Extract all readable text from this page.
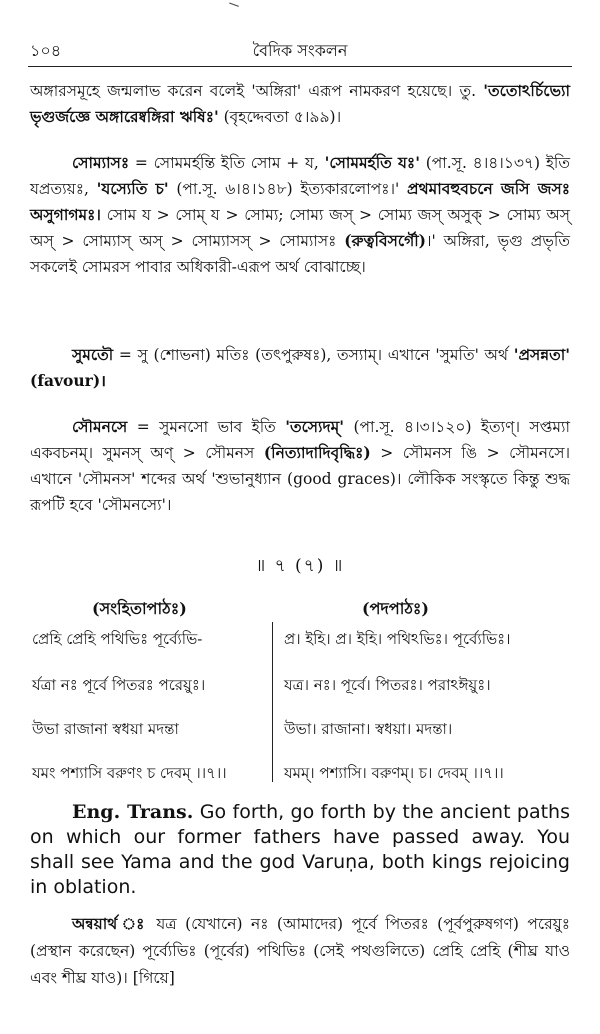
১০৪	বৈদিক সংকলন

অঙ্গারসমূহে জন্মলাভ করেন বলেই 'অঙ্গিরা' এরূপ নামকরণ হয়েছে। তু. 'ততোঽর্চিভ্যো ভৃগুর্জজ্ঞে অঙ্গারেষ্বঙ্গিরা ঋষিঃ' (বৃহদ্দেবতা ৫।৯৯)।

সোম্যাসঃ = সোমমর্হন্তি ইতি সোম + য, 'সোমমর্হতি যঃ' (পা.সূ. ৪।৪।১৩৭) ইতি যপ্রত্যয়ঃ, 'যস্যেতি চ' (পা.সূ. ৬।৪।১৪৮) ইত্যকারলোপঃ।' প্রথমাবহুবচনে জসি জসঃ অসুগাগমঃ। সোম য > সোম্ য > সোম্য; সোম্য জস্ > সোম্য জস্ অসুক্ > সোম্য অস্ অস্ > সোম্যাস্ অস্ > সোম্যাসস্ > সোম্যাসঃ (রুত্ববিসর্গৌ)।' অঙ্গিরা, ভৃগু প্রভৃতি সকলেই সোমরস পাবার অধিকারী-এরূপ অর্থ বোঝাচ্ছে।

সুমতৌ = সু (শোভনা) মতিঃ (তৎপুরুষঃ), তস্যাম্। এখানে 'সুমতি' অর্থ 'প্রসন্নতা' (favour)।

সৌমনসে = সুমনসো ভাব ইতি 'তস্যেদম্' (পা.সূ. ৪।৩।১২০) ইত্যণ্। সপ্তম্যা একবচনম্। সুমনস্ অণ্ > সৌমনস (নিত্যাদাদিবৃদ্ধিঃ) > সৌমনস ঙি > সৌমনসে। এখানে 'সৌমনস' শব্দের অর্থ 'শুভানুধ্যান (good graces)। লৌকিক সংস্কৃতে কিন্তু শুদ্ধ রূপটি হবে 'সৌমনস্যে'।

॥ ৭ (৭) ॥
(সংহিতাপাঠঃ)	(পদপাঠঃ)
প্রেহি প্রেহি পথিভিঃ পূর্ব্যেভি-
র্যত্রা নঃ পূর্বে পিতরঃ পরেয়ুঃ।
উভা রাজানা স্বধয়া মদন্তা
যমং পশ্যাসি বরুণং চ দেবম্ ।।৭।।
প্র। ইহি। প্র। ইহি। পথিঽভিঃ। পূর্ব্যেভিঃ।
যত্র। নঃ। পূর্বে। পিতরঃ। পরাঽঈয়ুঃ।
উভা। রাজানা। স্বধয়া। মদন্তা।
যমম্। পশ্যাসি। বরুণম্। চ। দেবম্ ।।৭।।

Eng. Trans. Go forth, go forth by the ancient paths on which our former fathers have passed away. You shall see Yama and the god Varuṇa, both kings rejoicing in oblation.

অন্বয়ার্থ ঃ যত্র (যেখানে) নঃ (আমাদের) পূর্বে পিতরঃ (পূর্বপুরুষগণ) পরেয়ুঃ (প্রস্থান করেছেন) পূর্ব্যেভিঃ (পূর্বের) পথিভিঃ (সেই পথগুলিতে) প্রেহি প্রেহি (শীঘ্র যাও এবং শীঘ্র যাও)। [গিয়ে]
